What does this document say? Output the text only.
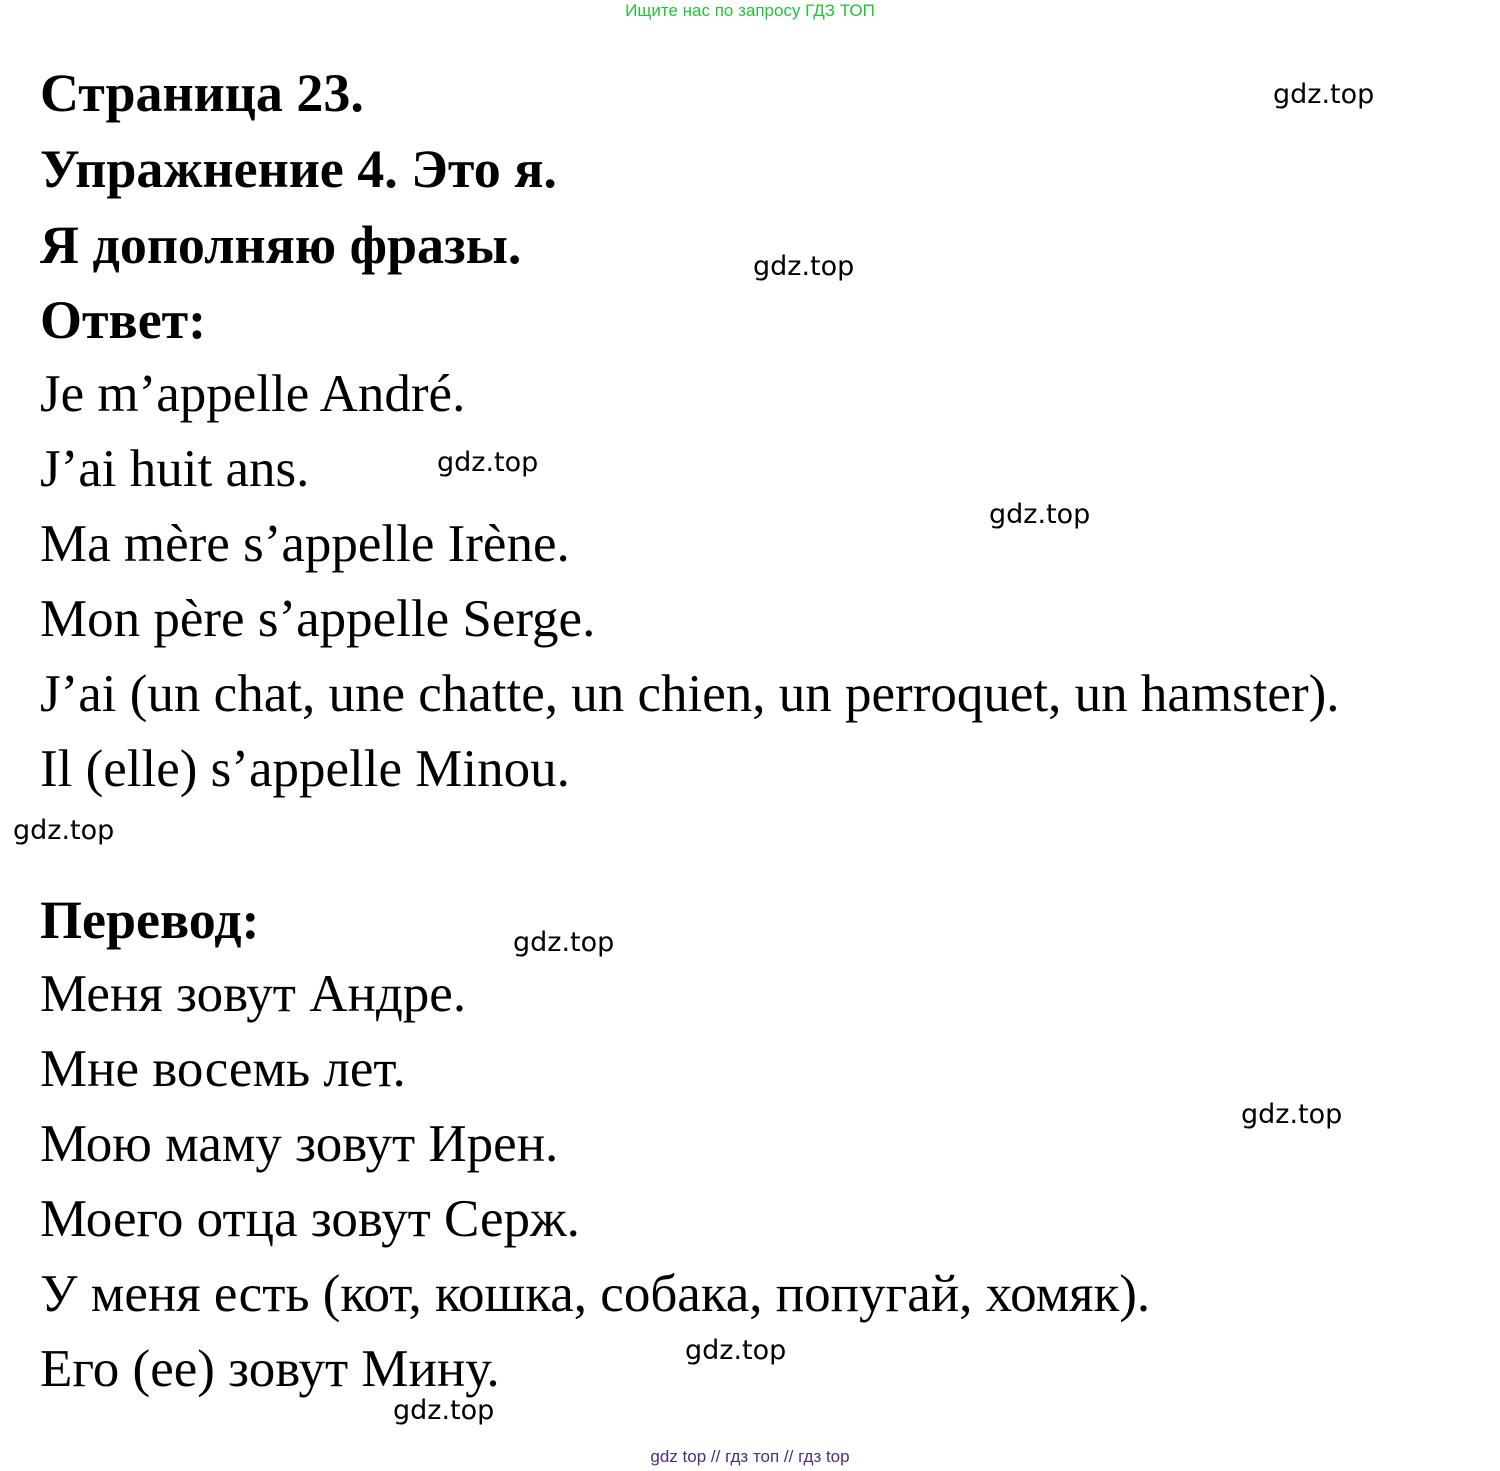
Ищите нас по запросу ГДЗ ТОП
Страница 23.
Упражнение 4. Это я.
Я дополняю фразы.
Ответ:
Je m’appelle André.
J’ai huit ans.
Ma mère s’appelle Irène.
Mon père s’appelle Serge.
J’ai (un chat, une chatte, un chien, un perroquet, un hamster).
Il (elle) s’appelle Minou.
Перевод:
Меня зовут Андре.
Мне восемь лет.
Мою маму зовут Ирен.
Моего отца зовут Серж.
У меня есть (кот, кошка, собака, попугай, хомяк).
Его (ее) зовут Мину.
gdz.top
gdz.top
gdz.top
gdz.top
gdz.top
gdz.top
gdz.top
gdz.top
gdz.top
gdz top // гдз топ // гдз top
